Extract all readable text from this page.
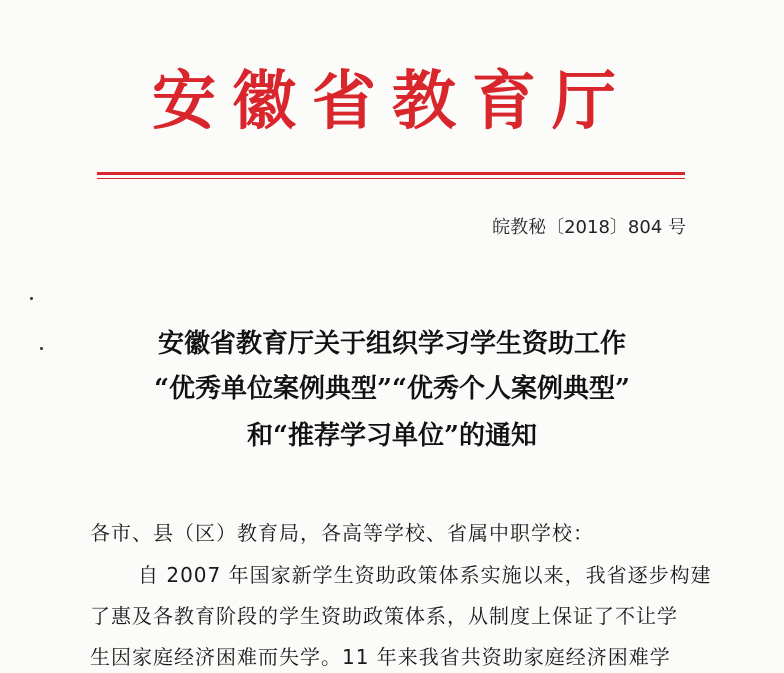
安徽省教育厅
皖教秘〔2018〕804 号
安徽省教育厅关于组织学习学生资助工作
“优秀单位案例典型”“优秀个人案例典型”
和“推荐学习单位”的通知
各市、县（区）教育局，各高等学校、省属中职学校：
自 2007 年国家新学生资助政策体系实施以来，我省逐步构建
了惠及各教育阶段的学生资助政策体系，从制度上保证了不让学
生因家庭经济困难而失学。11 年来我省共资助家庭经济困难学
